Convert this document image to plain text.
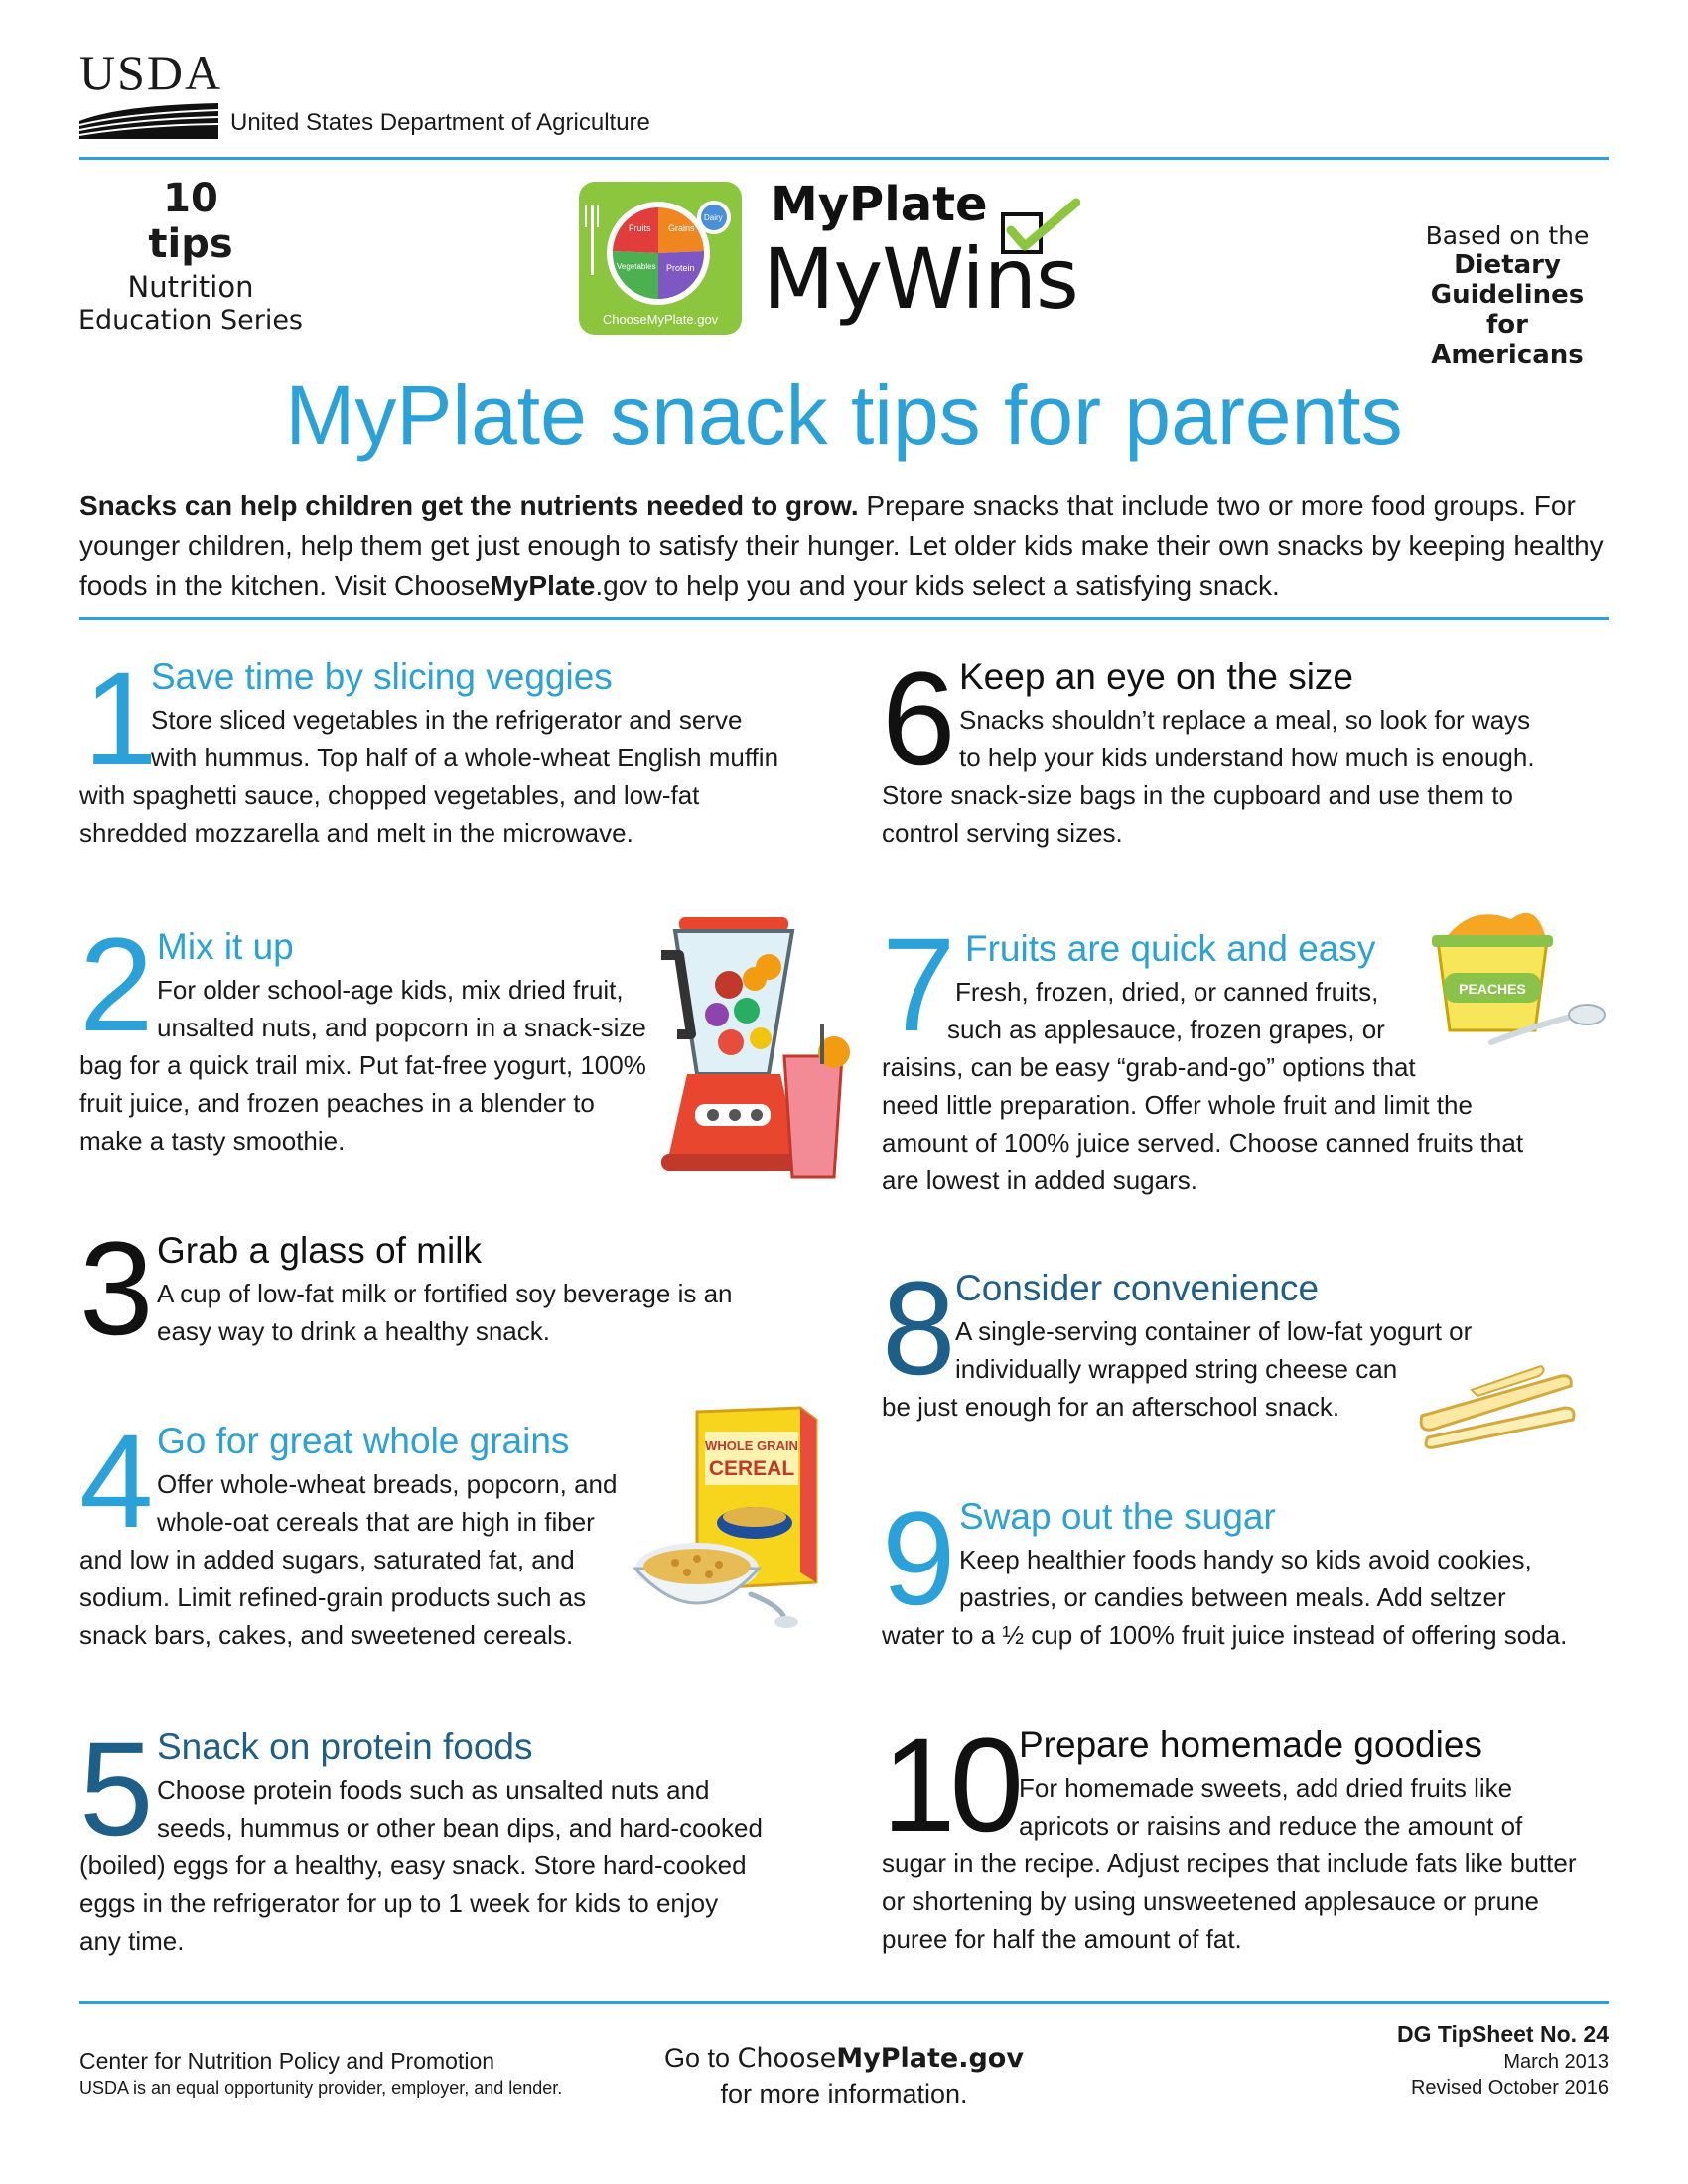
USDA
United States Department of Agriculture
10
tips
Nutrition
Education Series
Fruits Grains
Vegetables Protein
Dairy
ChooseMyPlate.gov
MyPlate
MyWins	Based on the
Dietary
Guidelines
for Americans
MyPlate snack tips for parents
Snacks can help children get the nutrients needed to grow. Prepare snacks that include two or more food groups. For younger children, help them get just enough to satisfy their hunger. Let older kids make their own snacks by keeping healthy foods in the kitchen. Visit ChooseMyPlate.gov to help you and your kids select a satisfying snack.
1
Save time by slicing veggies
Store sliced vegetables in the refrigerator and serve
with hummus. Top half of a whole-wheat English muffin
with spaghetti sauce, chopped vegetables, and low-fat
shredded mozzarella and melt in the microwave.
2 Mix it up
For older school-age kids, mix dried fruit,
unsalted nuts, and popcorn in a snack-size
bag for a quick trail mix. Put fat-free yogurt, 100%
fruit juice, and frozen peaches in a blender to
make a tasty smoothie.
3 Grab a glass of milk
A cup of low-fat milk or fortified soy beverage is an
easy way to drink a healthy snack.
4 Go for great whole grains
Offer whole-wheat breads, popcorn, and
whole-oat cereals that are high in fiber
and low in added sugars, saturated fat, and
sodium. Limit refined-grain products such as
snack bars, cakes, and sweetened cereals.
5 Snack on protein foods
Choose protein foods such as unsalted nuts and
seeds, hummus or other bean dips, and hard-cooked
(boiled) eggs for a healthy, easy snack. Store hard-cooked
eggs in the refrigerator for up to 1 week for kids to enjoy
any time.
6 Keep an eye on the size
Snacks shouldn’t replace a meal, so look for ways
to help your kids understand how much is enough.
Store snack-size bags in the cupboard and use them to
control serving sizes.
7 Fruits are quick and easy
Fresh, frozen, dried, or canned fruits,
such as applesauce, frozen grapes, or
raisins, can be easy “grab-and-go” options that
need little preparation. Offer whole fruit and limit the
amount of 100% juice served. Choose canned fruits that
are lowest in added sugars.
8 Consider convenience
A single-serving container of low-fat yogurt or
individually wrapped string cheese can
be just enough for an afterschool snack.
9 Swap out the sugar
Keep healthier foods handy so kids avoid cookies,
pastries, or candies between meals. Add seltzer
water to a ½ cup of 100% fruit juice instead of offering soda.
10 Prepare homemade goodies
For homemade sweets, add dried fruits like
apricots or raisins and reduce the amount of
sugar in the recipe. Adjust recipes that include fats like butter
or shortening by using unsweetened applesauce or prune
puree for half the amount of fat.
WHOLE GRAIN
CEREAL
PEACHES
Center for Nutrition Policy and Promotion
USDA is an equal opportunity provider, employer, and lender.
Go to ChooseMyPlate.gov
for more information.
DG TipSheet No. 24
March 2013
Revised October 2016
